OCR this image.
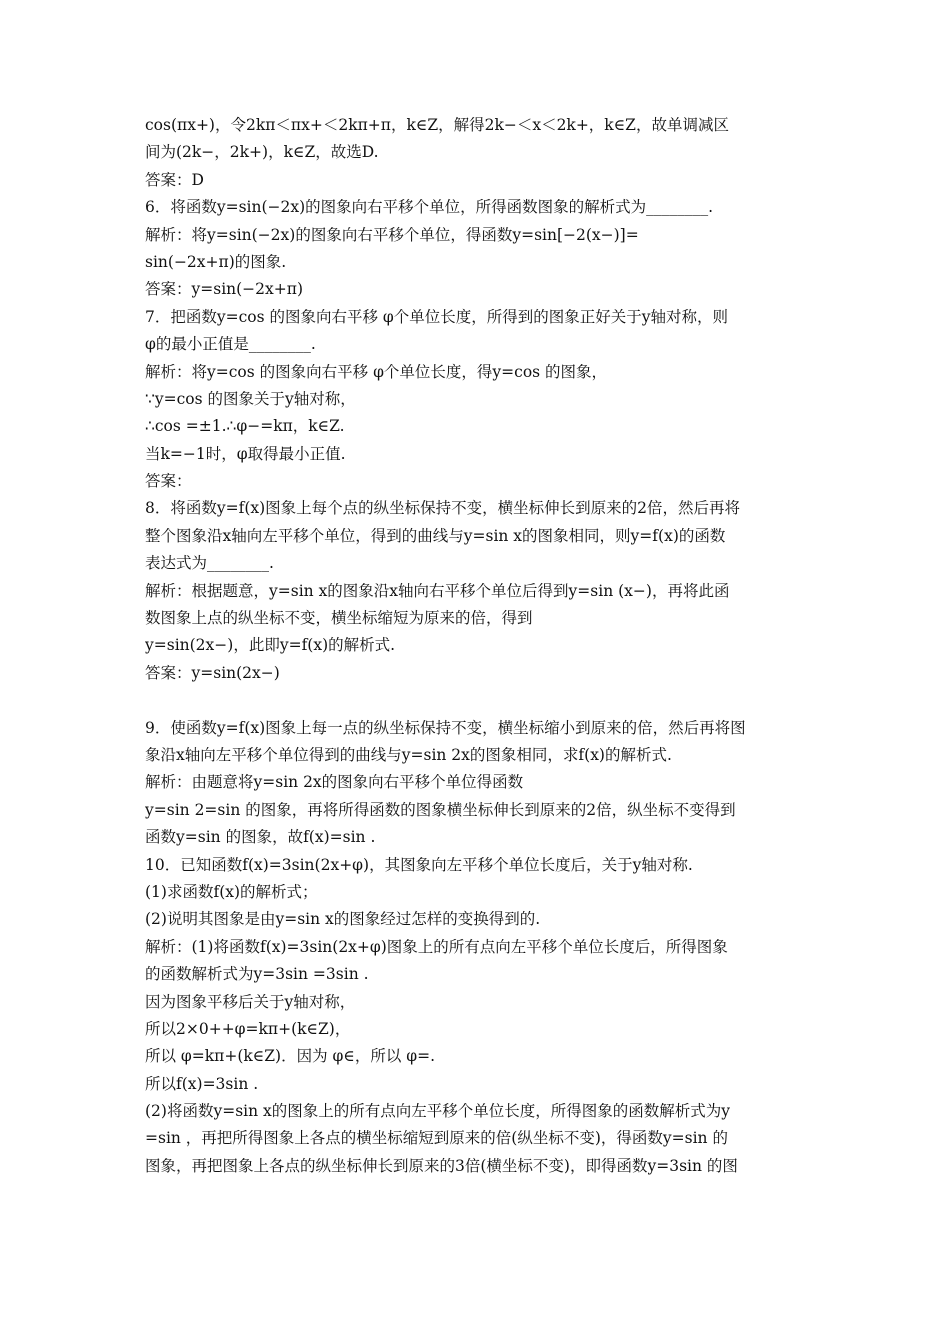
cos(πx+)，令2kπ＜πx+＜2kπ+π，k∈Z，解得2k−＜x＜2k+，k∈Z，故单调减区
间为(2k−，2k+)，k∈Z，故选D.
答案：D
6．将函数y=sin(−2x)的图象向右平移个单位，所得函数图象的解析式为________.
解析：将y=sin(−2x)的图象向右平移个单位，得函数y=sin[−2(x−)]=
sin(−2x+π)的图象.
答案：y=sin(−2x+π)
7．把函数y=cos 的图象向右平移 φ个单位长度，所得到的图象正好关于y轴对称，则
φ的最小正值是________.
解析：将y=cos 的图象向右平移 φ个单位长度，得y=cos 的图象，
∵y=cos 的图象关于y轴对称，
∴cos =±1.∴φ−=kπ，k∈Z.
当k=−1时，φ取得最小正值.
答案：
8．将函数y=f(x)图象上每个点的纵坐标保持不变，横坐标伸长到原来的2倍，然后再将
整个图象沿x轴向左平移个单位，得到的曲线与y=sin x的图象相同，则y=f(x)的函数
表达式为________.
解析：根据题意，y=sin x的图象沿x轴向右平移个单位后得到y=sin (x−)，再将此函
数图象上点的纵坐标不变，横坐标缩短为原来的倍，得到
y=sin(2x−)，此即y=f(x)的解析式.
答案：y=sin(2x−)
9．使函数y=f(x)图象上每一点的纵坐标保持不变，横坐标缩小到原来的倍，然后再将图
象沿x轴向左平移个单位得到的曲线与y=sin 2x的图象相同，求f(x)的解析式.
解析：由题意将y=sin 2x的图象向右平移个单位得函数
y=sin 2=sin 的图象，再将所得函数的图象横坐标伸长到原来的2倍，纵坐标不变得到
函数y=sin 的图象，故f(x)=sin .
10．已知函数f(x)=3sin(2x+φ)，其图象向左平移个单位长度后，关于y轴对称.
(1)求函数f(x)的解析式；
(2)说明其图象是由y=sin x的图象经过怎样的变换得到的.
解析：(1)将函数f(x)=3sin(2x+φ)图象上的所有点向左平移个单位长度后，所得图象
的函数解析式为y=3sin =3sin .
因为图象平移后关于y轴对称，
所以2×0++φ=kπ+(k∈Z)，
所以 φ=kπ+(k∈Z)．因为 φ∈，所以 φ=.
所以f(x)=3sin .
(2)将函数y=sin x的图象上的所有点向左平移个单位长度，所得图象的函数解析式为y
=sin ，再把所得图象上各点的横坐标缩短到原来的倍(纵坐标不变)，得函数y=sin 的
图象，再把图象上各点的纵坐标伸长到原来的3倍(横坐标不变)，即得函数y=3sin 的图
